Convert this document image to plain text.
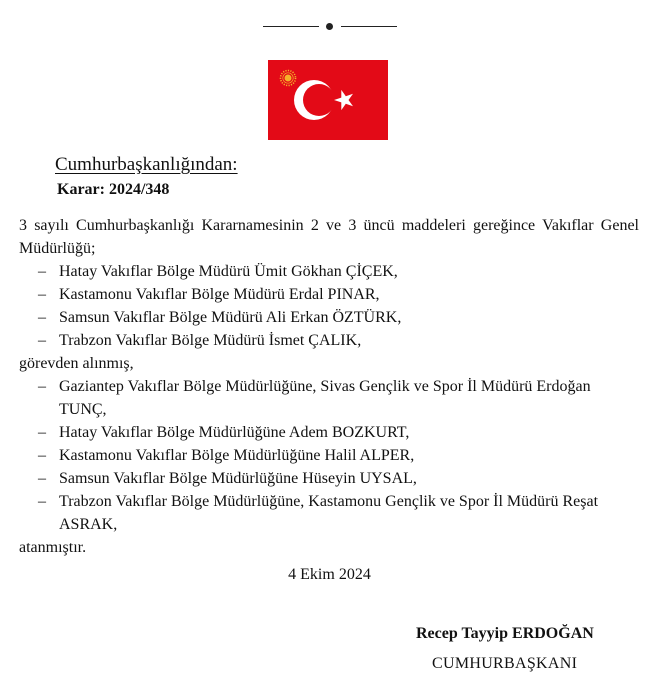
Cumhurbaşkanlığından:
Karar: 2024/348
3 sayılı Cumhurbaşkanlığı Kararnamesinin 2 ve 3 üncü maddeleri gereğince Vakıflar Genel Müdürlüğü;
– Hatay Vakıflar Bölge Müdürü Ümit Gökhan ÇİÇEK,
– Kastamonu Vakıflar Bölge Müdürü Erdal PINAR,
– Samsun Vakıflar Bölge Müdürü Ali Erkan ÖZTÜRK,
– Trabzon Vakıflar Bölge Müdürü İsmet ÇALIK,
görevden alınmış,
– Gaziantep Vakıflar Bölge Müdürlüğüne, Sivas Gençlik ve Spor İl Müdürü Erdoğan TUNÇ,
– Hatay Vakıflar Bölge Müdürlüğüne Adem BOZKURT,
– Kastamonu Vakıflar Bölge Müdürlüğüne Halil ALPER,
– Samsun Vakıflar Bölge Müdürlüğüne Hüseyin UYSAL,
– Trabzon Vakıflar Bölge Müdürlüğüne, Kastamonu Gençlik ve Spor İl Müdürü Reşat ASRAK,
atanmıştır.
4 Ekim 2024
Recep Tayyip ERDOĞAN
CUMHURBAŞKANI
